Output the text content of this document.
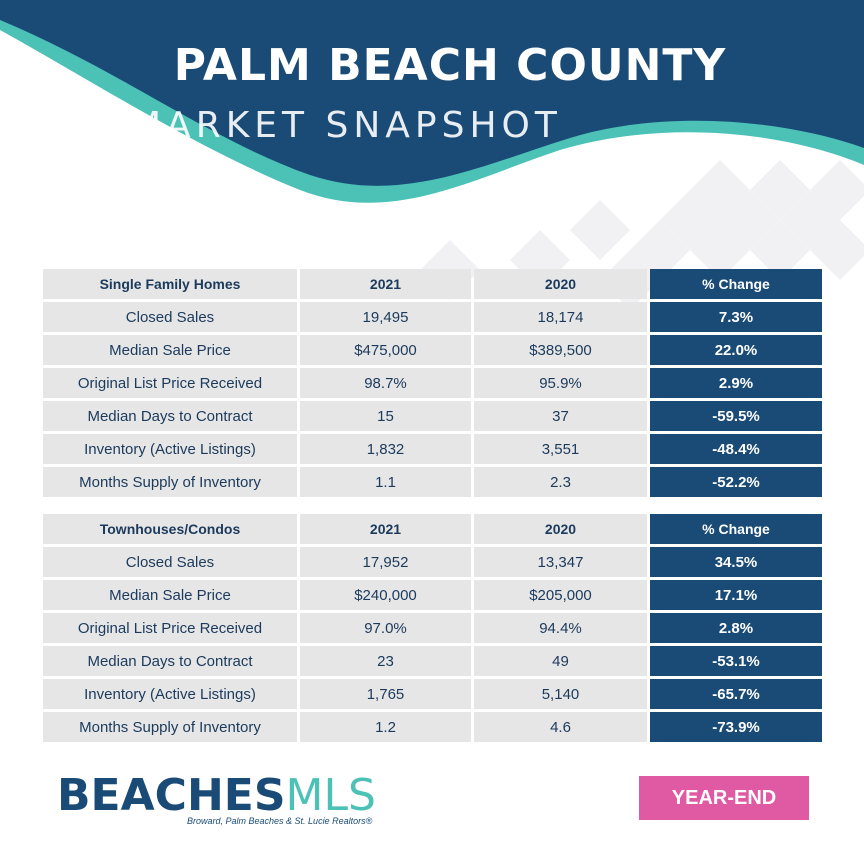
PALM BEACH COUNTY
MARKET SNAPSHOT
Single Family Homes	2021	2020	% Change
Closed Sales	19,495	18,174	7.3%
Median Sale Price	$475,000	$389,500	22.0%
Original List Price Received	98.7%	95.9%	2.9%
Median Days to Contract	15	37	-59.5%
Inventory (Active Listings)	1,832	3,551	-48.4%
Months Supply of Inventory	1.1	2.3	-52.2%
Townhouses/Condos	2021	2020	% Change
Closed Sales	17,952	13,347	34.5%
Median Sale Price	$240,000	$205,000	17.1%
Original List Price Received	97.0%	94.4%	2.8%
Median Days to Contract	23	49	-53.1%
Inventory (Active Listings)	1,765	5,140	-65.7%
Months Supply of Inventory	1.2	4.6	-73.9%
BEACHESMLS
Broward, Palm Beaches & St. Lucie Realtors®
YEAR-END
